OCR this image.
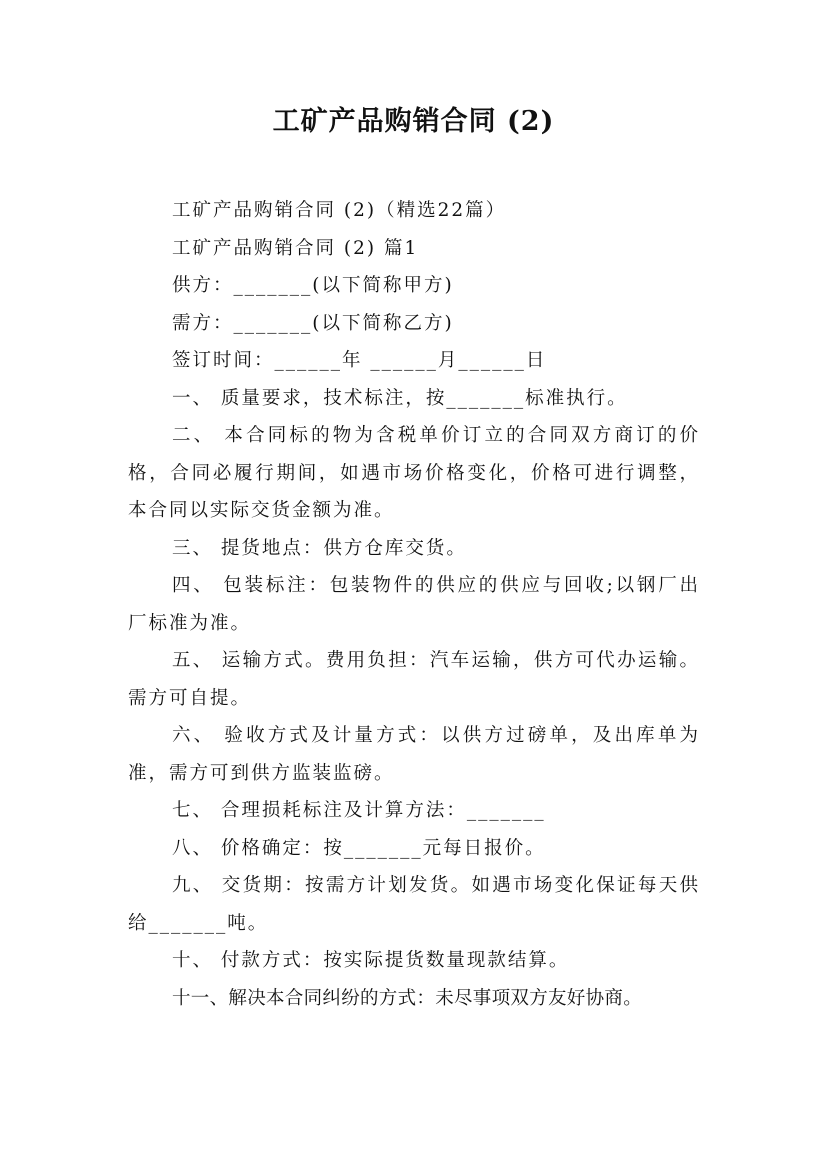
工矿产品购销合同 (2)

工矿产品购销合同 (2)（精选22篇）

工矿产品购销合同 (2) 篇1

供方：_______(以下简称甲方)

需方：_______(以下简称乙方)

签订时间：______年 ______月______日

一、 质量要求，技术标注，按_______标准执行。

二、 本合同标的物为含税单价订立的合同双方商订的价格，合同必履行期间，如遇市场价格变化，价格可进行调整，本合同以实际交货金额为准。

三、 提货地点：供方仓库交货。

四、 包装标注：包装物件的供应的供应与回收;以钢厂出厂标准为准。

五、 运输方式。费用负担：汽车运输，供方可代办运输。需方可自提。

六、 验收方式及计量方式：以供方过磅单，及出库单为准，需方可到供方监装监磅。

七、 合理损耗标注及计算方法：_______

八、 价格确定：按_______元每日报价。

九、 交货期：按需方计划发货。如遇市场变化保证每天供给_______吨。

十、 付款方式：按实际提货数量现款结算。

十一、解决本合同纠纷的方式：未尽事项双方友好协商。
